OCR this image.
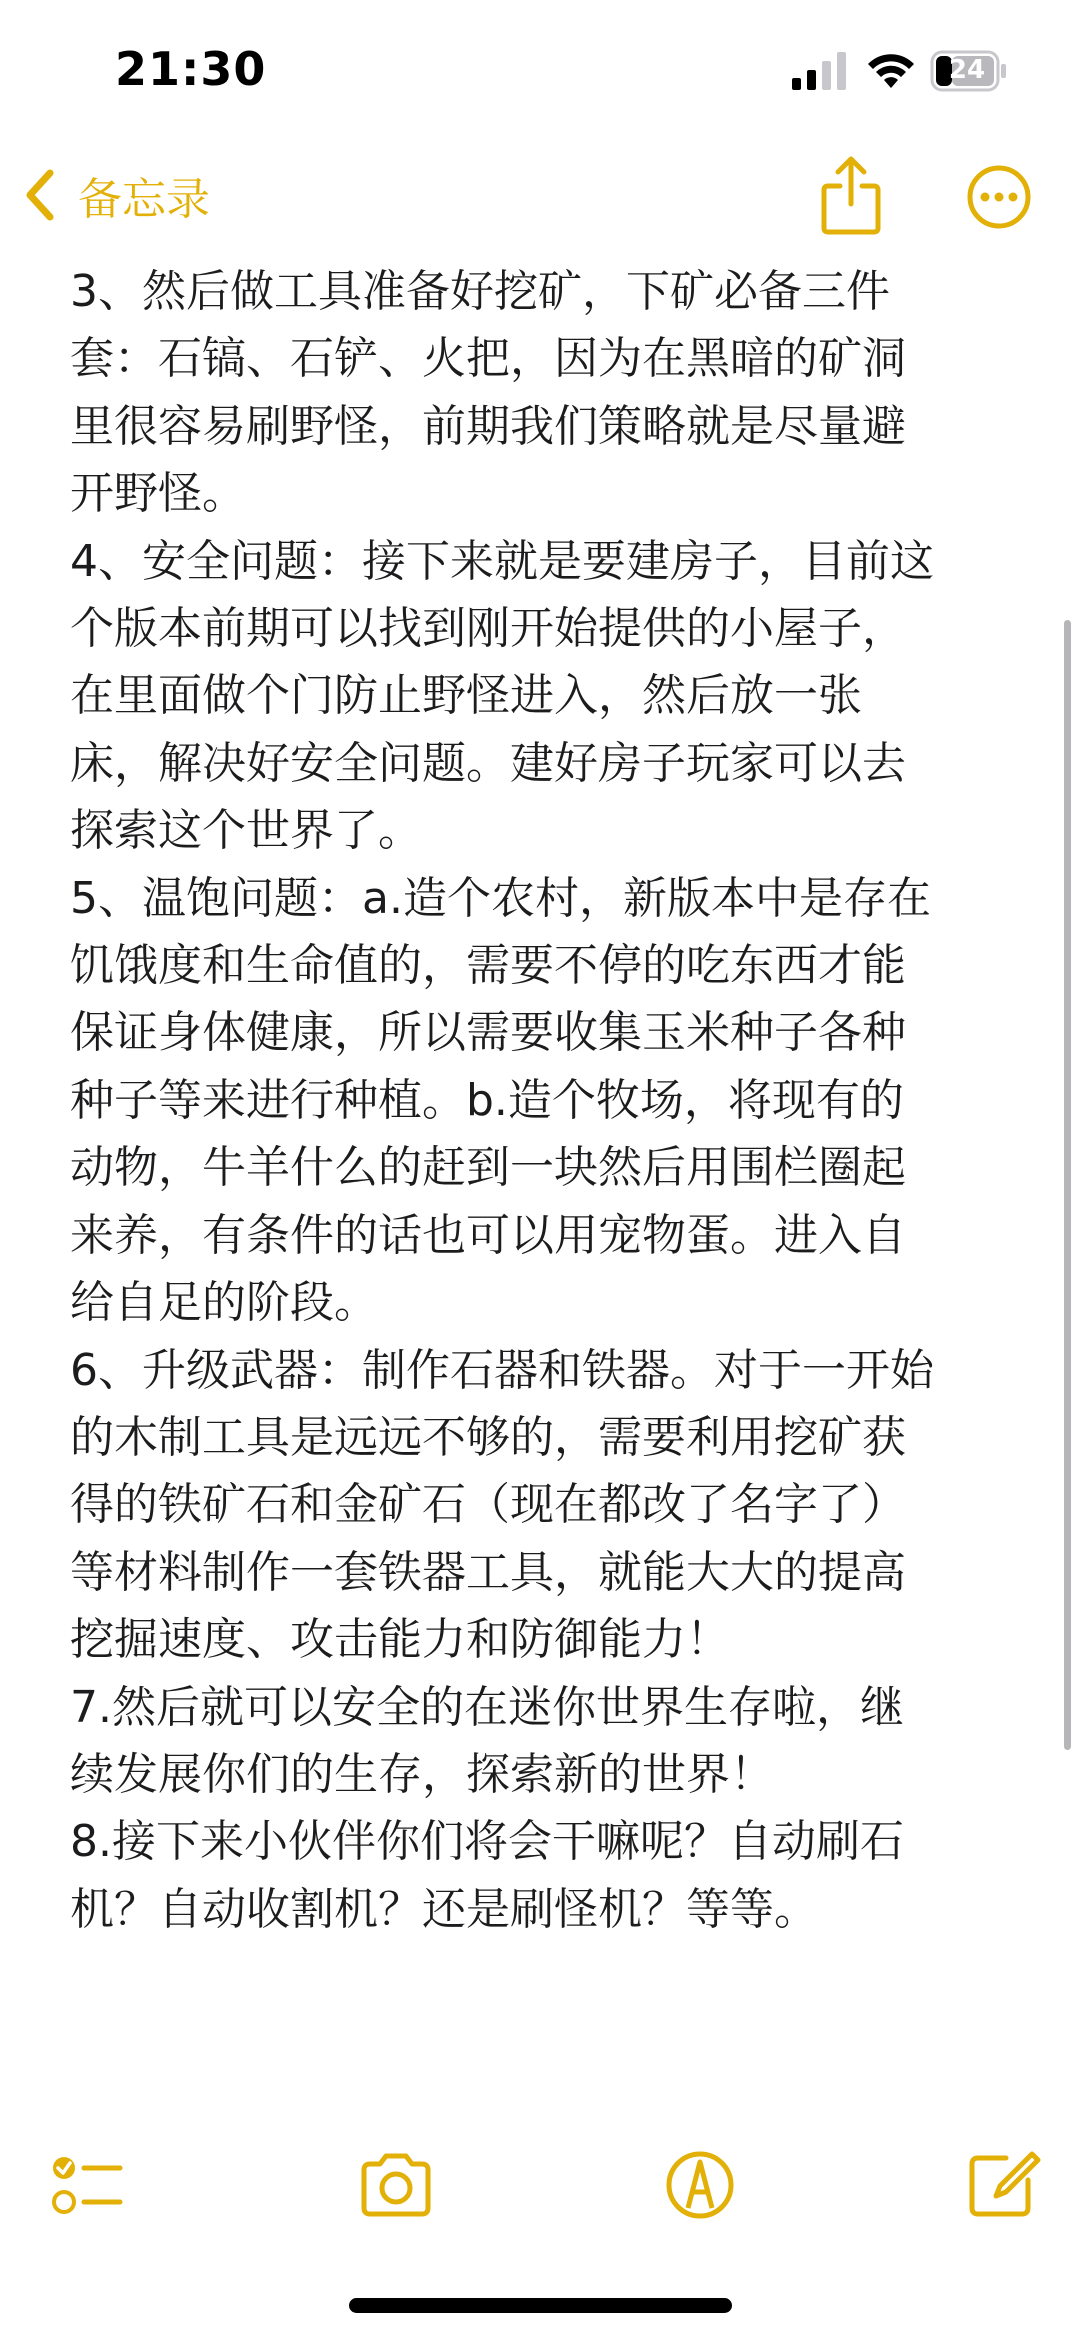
21:30	24
备忘录
3、然后做工具准备好挖矿，下矿必备三件
套：石镐、石铲、火把，因为在黑暗的矿洞
里很容易刷野怪，前期我们策略就是尽量避
开野怪。
4、安全问题：接下来就是要建房子，目前这
个版本前期可以找到刚开始提供的小屋子，
在里面做个门防止野怪进入，然后放一张
床，解决好安全问题。建好房子玩家可以去
探索这个世界了。
5、温饱问题：a.造个农村，新版本中是存在
饥饿度和生命值的，需要不停的吃东西才能
保证身体健康，所以需要收集玉米种子各种
种子等来进行种植。b.造个牧场，将现有的
动物，牛羊什么的赶到一块然后用围栏圈起
来养，有条件的话也可以用宠物蛋。进入自
给自足的阶段。
6、升级武器：制作石器和铁器。对于一开始
的木制工具是远远不够的，需要利用挖矿获
得的铁矿石和金矿石（现在都改了名字了）
等材料制作一套铁器工具，就能大大的提高
挖掘速度、攻击能力和防御能力！
7.然后就可以安全的在迷你世界生存啦，继
续发展你们的生存，探索新的世界！
8.接下来小伙伴你们将会干嘛呢？自动刷石
机？自动收割机？还是刷怪机？等等。
